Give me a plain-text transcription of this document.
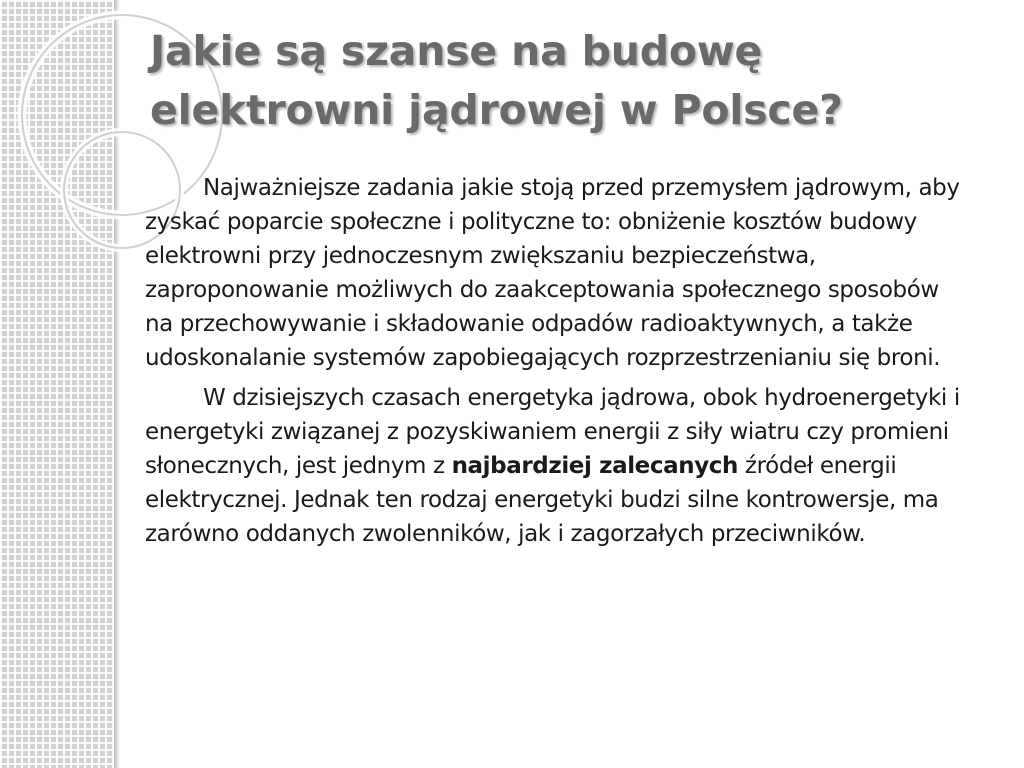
Jakie są szanse na budowę elektrowni jądrowej w Polsce?

Najważniejsze zadania jakie stoją przed przemysłem jądrowym, aby zyskać poparcie społeczne i polityczne to: obniżenie kosztów budowy elektrowni przy jednoczesnym zwiększaniu bezpieczeństwa, zaproponowanie możliwych do zaakceptowania społecznego sposobów na przechowywanie i składowanie odpadów radioaktywnych, a także udoskonalanie systemów zapobiegających rozprzestrzenianiu się broni.

W dzisiejszych czasach energetyka jądrowa, obok hydroenergetyki i energetyki związanej z pozyskiwaniem energii z siły wiatru czy promieni słonecznych, jest jednym z najbardziej zalecanych źródeł energii elektrycznej. Jednak ten rodzaj energetyki budzi silne kontrowersje, ma zarówno oddanych zwolenników, jak i zagorzałych przeciwników.
